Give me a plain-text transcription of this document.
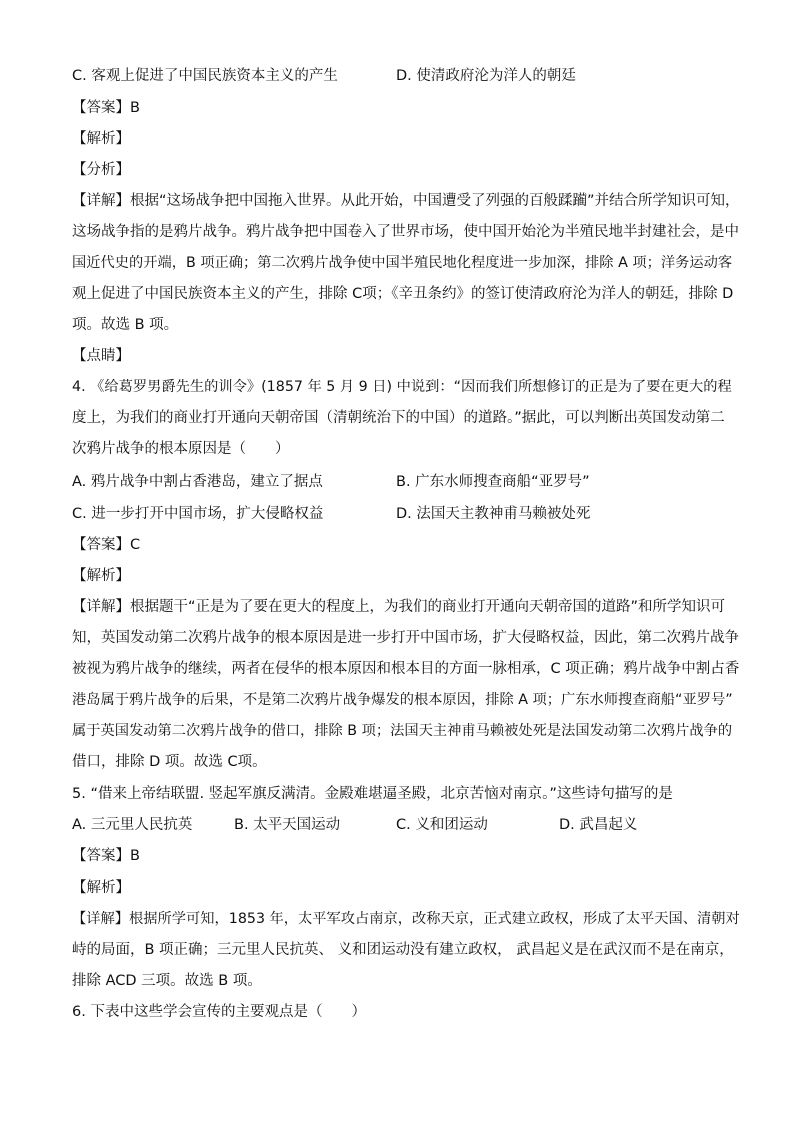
C. 客观上促进了中国民族资本主义的产生	D. 使清政府沦为洋人的朝廷
【答案】B
【解析】
【分析】
【详解】根据“这场战争把中国拖入世界。从此开始，中国遭受了列强的百般蹂躏”并结合所学知识可知，
这场战争指的是鸦片战争。鸦片战争把中国卷入了世界市场，使中国开始沦为半殖民地半封建社会，是中
国近代史的开端，B 项正确；第二次鸦片战争使中国半殖民地化程度进一步加深，排除 A 项；洋务运动客
观上促进了中国民族资本主义的产生，排除 C项；《辛丑条约》的签订使清政府沦为洋人的朝廷，排除 D
项。故选 B 项。
【点睛】
4. 《给葛罗男爵先生的训令》(1857 年 5 月 9 日) 中说到：“因而我们所想修订的正是为了要在更大的程
度上，为我们的商业打开通向天朝帝国（清朝统治下的中国）的道路。”据此，可以判断出英国发动第二
次鸦片战争的根本原因是（　　）
A. 鸦片战争中割占香港岛，建立了据点	B. 广东水师搜查商船“亚罗号”
C. 进一步打开中国市场，扩大侵略权益	D. 法国天主教神甫马赖被处死
【答案】C
【解析】
【详解】根据题干“正是为了要在更大的程度上，为我们的商业打开通向天朝帝国的道路”和所学知识可
知，英国发动第二次鸦片战争的根本原因是进一步打开中国市场，扩大侵略权益，因此，第二次鸦片战争
被视为鸦片战争的继续，两者在侵华的根本原因和根本目的方面一脉相承，C 项正确；鸦片战争中割占香
港岛属于鸦片战争的后果，不是第二次鸦片战争爆发的根本原因，排除 A 项；广东水师搜查商船“亚罗号”
属于英国发动第二次鸦片战争的借口，排除 B 项；法国天主神甫马赖被处死是法国发动第二次鸦片战争的
借口，排除 D 项。故选 C项。
5. “借来上帝结联盟. 竖起军旗反满清。金殿难堪逼圣殿，北京苦恼对南京。”这些诗句描写的是
A. 三元里人民抗英	B. 太平天国运动	C. 义和团运动	D. 武昌起义
【答案】B
【解析】
【详解】根据所学可知，1853 年，太平军攻占南京，改称天京，正式建立政权，形成了太平天国、清朝对
峙的局面，B 项正确；三元里人民抗英、 义和团运动没有建立政权， 武昌起义是在武汉而不是在南京，
排除 ACD 三项。故选 B 项。
6. 下表中这些学会宣传的主要观点是（　　）
